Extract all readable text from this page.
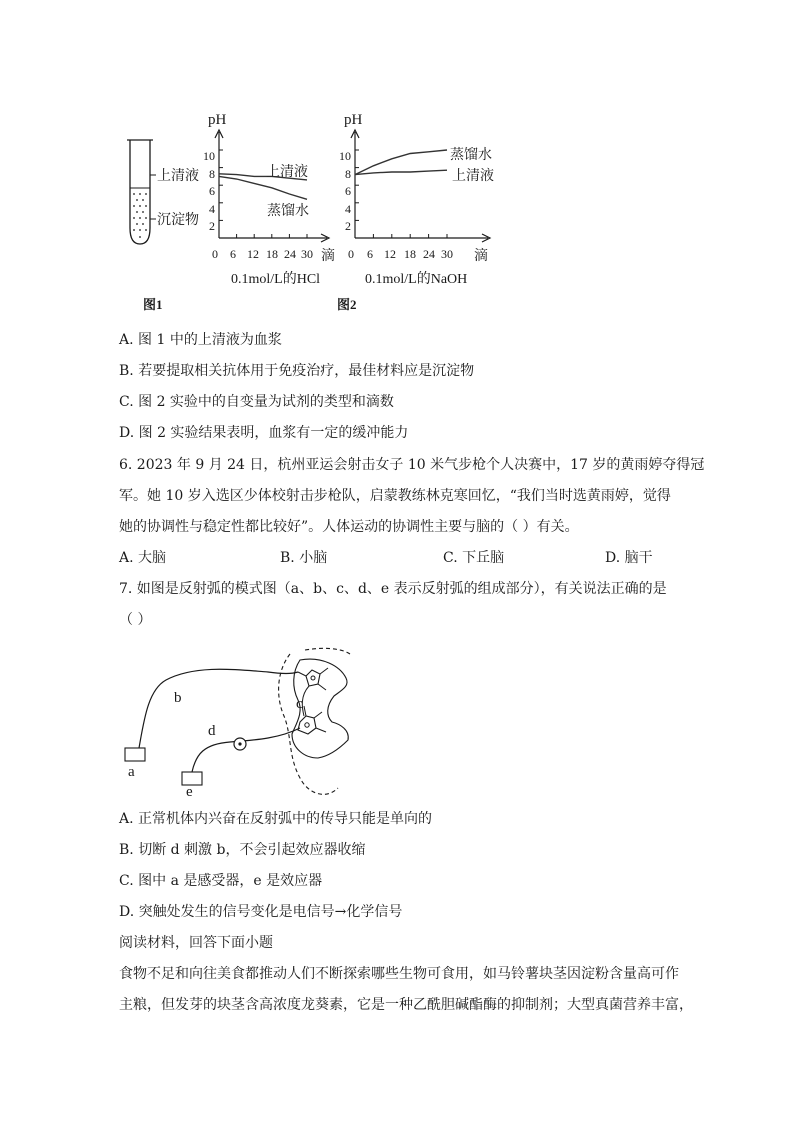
上清液
沉淀物
pH
10
8
6
4
2
0 6 12 18 24 30 滴
上清液
蒸馏水
0.1mol/L的HCl
图1
pH
10
8
6
4
2
0 6 12 18 24 30 滴
蒸馏水
上清液
0.1mol/L的NaOH
图2
A. 图 1 中的上清液为血浆
B. 若要提取相关抗体用于免疫治疗，最佳材料应是沉淀物
C. 图 2 实验中的自变量为试剂的类型和滴数
D. 图 2 实验结果表明，血浆有一定的缓冲能力
6. 2023 年 9 月 24 日，杭州亚运会射击女子 10 米气步枪个人决赛中，17 岁的黄雨婷夺得冠
军。她 10 岁入选区少体校射击步枪队，启蒙教练林克寒回忆，“我们当时选黄雨婷，觉得
她的协调性与稳定性都比较好”。人体运动的协调性主要与脑的（ ）有关。
A. 大脑	B. 小脑	C. 下丘脑	D. 脑干
7. 如图是反射弧的模式图（a、b、c、d、e 表示反射弧的组成部分），有关说法正确的是
（ ）
a
b	c
d
e
A. 正常机体内兴奋在反射弧中的传导只能是单向的
B. 切断 d 刺激 b，不会引起效应器收缩
C. 图中 a 是感受器，e 是效应器
D. 突触处发生的信号变化是电信号→化学信号
阅读材料，回答下面小题
食物不足和向往美食都推动人们不断探索哪些生物可食用，如马铃薯块茎因淀粉含量高可作
主粮，但发芽的块茎含高浓度龙葵素，它是一种乙酰胆碱酯酶的抑制剂；大型真菌营养丰富，
